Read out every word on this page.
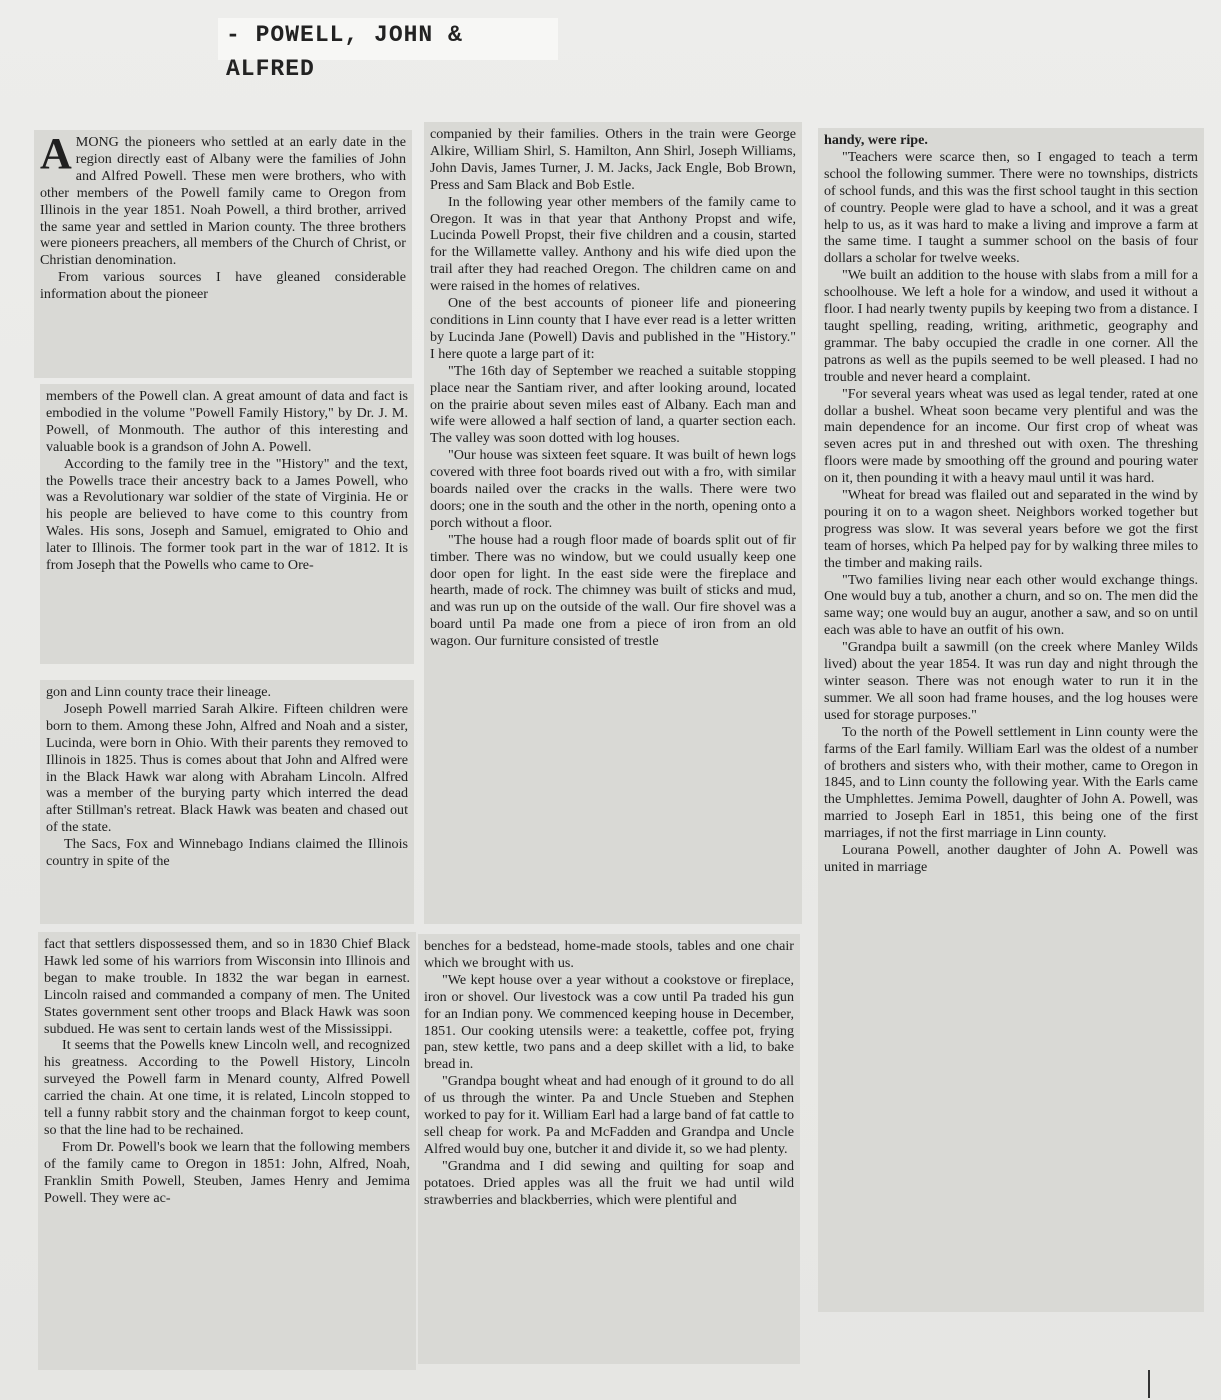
- POWELL, JOHN & ALFRED

AMONG the pioneers who settled at an early date in the region directly east of Albany were the families of John and Alfred Powell. These men were brothers, who with other members of the Powell family came to Oregon from Illinois in the year 1851. Noah Powell, a third brother, arrived the same year and settled in Marion county. The three brothers were pioneers preachers, all members of the Church of Christ, or Christian denomination.

From various sources I have gleaned considerable information about the pioneer

members of the Powell clan. A great amount of data and fact is embodied in the volume "Powell Family History," by Dr. J. M. Powell, of Monmouth. The author of this interesting and valuable book is a grandson of John A. Powell.

According to the family tree in the "History" and the text, the Powells trace their ancestry back to a James Powell, who was a Revolutionary war soldier of the state of Virginia. He or his people are believed to have come to this country from Wales. His sons, Joseph and Samuel, emigrated to Ohio and later to Illinois. The former took part in the war of 1812. It is from Joseph that the Powells who came to Ore-

gon and Linn county trace their lineage.

Joseph Powell married Sarah Alkire. Fifteen children were born to them. Among these John, Alfred and Noah and a sister, Lucinda, were born in Ohio. With their parents they removed to Illinois in 1825. Thus is comes about that John and Alfred were in the Black Hawk war along with Abraham Lincoln. Alfred was a member of the burying party which interred the dead after Stillman's retreat. Black Hawk was beaten and chased out of the state.

The Sacs, Fox and Winnebago Indians claimed the Illinois country in spite of the

fact that settlers dispossessed them, and so in 1830 Chief Black Hawk led some of his warriors from Wisconsin into Illinois and began to make trouble. In 1832 the war began in earnest. Lincoln raised and commanded a company of men. The United States government sent other troops and Black Hawk was soon subdued. He was sent to certain lands west of the Mississippi.

It seems that the Powells knew Lincoln well, and recognized his greatness. According to the Powell History, Lincoln surveyed the Powell farm in Menard county, Alfred Powell carried the chain. At one time, it is related, Lincoln stopped to tell a funny rabbit story and the chainman forgot to keep count, so that the line had to be rechained.

From Dr. Powell's book we learn that the following members of the family came to Oregon in 1851: John, Alfred, Noah, Franklin Smith Powell, Steuben, James Henry and Jemima Powell. They were ac-

companied by their families. Others in the train were George Alkire, William Shirl, S. Hamilton, Ann Shirl, Joseph Williams, John Davis, James Turner, J. M. Jacks, Jack Engle, Bob Brown, Press and Sam Black and Bob Estle.

In the following year other members of the family came to Oregon. It was in that year that Anthony Propst and wife, Lucinda Powell Propst, their five children and a cousin, started for the Willamette valley. Anthony and his wife died upon the trail after they had reached Oregon. The children came on and were raised in the homes of relatives.

One of the best accounts of pioneer life and pioneering conditions in Linn county that I have ever read is a letter written by Lucinda Jane (Powell) Davis and published in the "History." I here quote a large part of it:

"The 16th day of September we reached a suitable stopping place near the Santiam river, and after looking around, located on the prairie about seven miles east of Albany. Each man and wife were allowed a half section of land, a quarter section each. The valley was soon dotted with log houses.

"Our house was sixteen feet square. It was built of hewn logs covered with three foot boards rived out with a fro, with similar boards nailed over the cracks in the walls. There were two doors; one in the south and the other in the north, opening onto a porch without a floor.

"The house had a rough floor made of boards split out of fir timber. There was no window, but we could usually keep one door open for light. In the east side were the fireplace and hearth, made of rock. The chimney was built of sticks and mud, and was run up on the outside of the wall. Our fire shovel was a board until Pa made one from a piece of iron from an old wagon. Our furniture consisted of trestle

benches for a bedstead, home-made stools, tables and one chair which we brought with us.

"We kept house over a year without a cookstove or fireplace, iron or shovel. Our livestock was a cow until Pa traded his gun for an Indian pony. We commenced keeping house in December, 1851. Our cooking utensils were: a teakettle, coffee pot, frying pan, stew kettle, two pans and a deep skillet with a lid, to bake bread in.

"Grandpa bought wheat and had enough of it ground to do all of us through the winter. Pa and Uncle Stueben and Stephen worked to pay for it. William Earl had a large band of fat cattle to sell cheap for work. Pa and McFadden and Grandpa and Uncle Alfred would buy one, butcher it and divide it, so we had plenty.

"Grandma and I did sewing and quilting for soap and potatoes. Dried apples was all the fruit we had until wild strawberries and blackberries, which were plentiful and

handy, were ripe.

"Teachers were scarce then, so I engaged to teach a term school the following summer. There were no townships, districts of school funds, and this was the first school taught in this section of country. People were glad to have a school, and it was a great help to us, as it was hard to make a living and improve a farm at the same time. I taught a summer school on the basis of four dollars a scholar for twelve weeks.

"We built an addition to the house with slabs from a mill for a schoolhouse. We left a hole for a window, and used it without a floor. I had nearly twenty pupils by keeping two from a distance. I taught spelling, reading, writing, arithmetic, geography and grammar. The baby occupied the cradle in one corner. All the patrons as well as the pupils seemed to be well pleased. I had no trouble and never heard a complaint.

"For several years wheat was used as legal tender, rated at one dollar a bushel. Wheat soon became very plentiful and was the main dependence for an income. Our first crop of wheat was seven acres put in and threshed out with oxen. The threshing floors were made by smoothing off the ground and pouring water on it, then pounding it with a heavy maul until it was hard.

"Wheat for bread was flailed out and separated in the wind by pouring it on to a wagon sheet. Neighbors worked together but progress was slow. It was several years before we got the first team of horses, which Pa helped pay for by walking three miles to the timber and making rails.

"Two families living near each other would exchange things. One would buy a tub, another a churn, and so on. The men did the same way; one would buy an augur, another a saw, and so on until each was able to have an outfit of his own.

"Grandpa built a sawmill (on the creek where Manley Wilds lived) about the year 1854. It was run day and night through the winter season. There was not enough water to run it in the summer. We all soon had frame houses, and the log houses were used for storage purposes."

To the north of the Powell settlement in Linn county were the farms of the Earl family. William Earl was the oldest of a number of brothers and sisters who, with their mother, came to Oregon in 1845, and to Linn county the following year. With the Earls came the Umphlettes. Jemima Powell, daughter of John A. Powell, was married to Joseph Earl in 1851, this being one of the first marriages, if not the first marriage in Linn county.

Lourana Powell, another daughter of John A. Powell was united in marriage
